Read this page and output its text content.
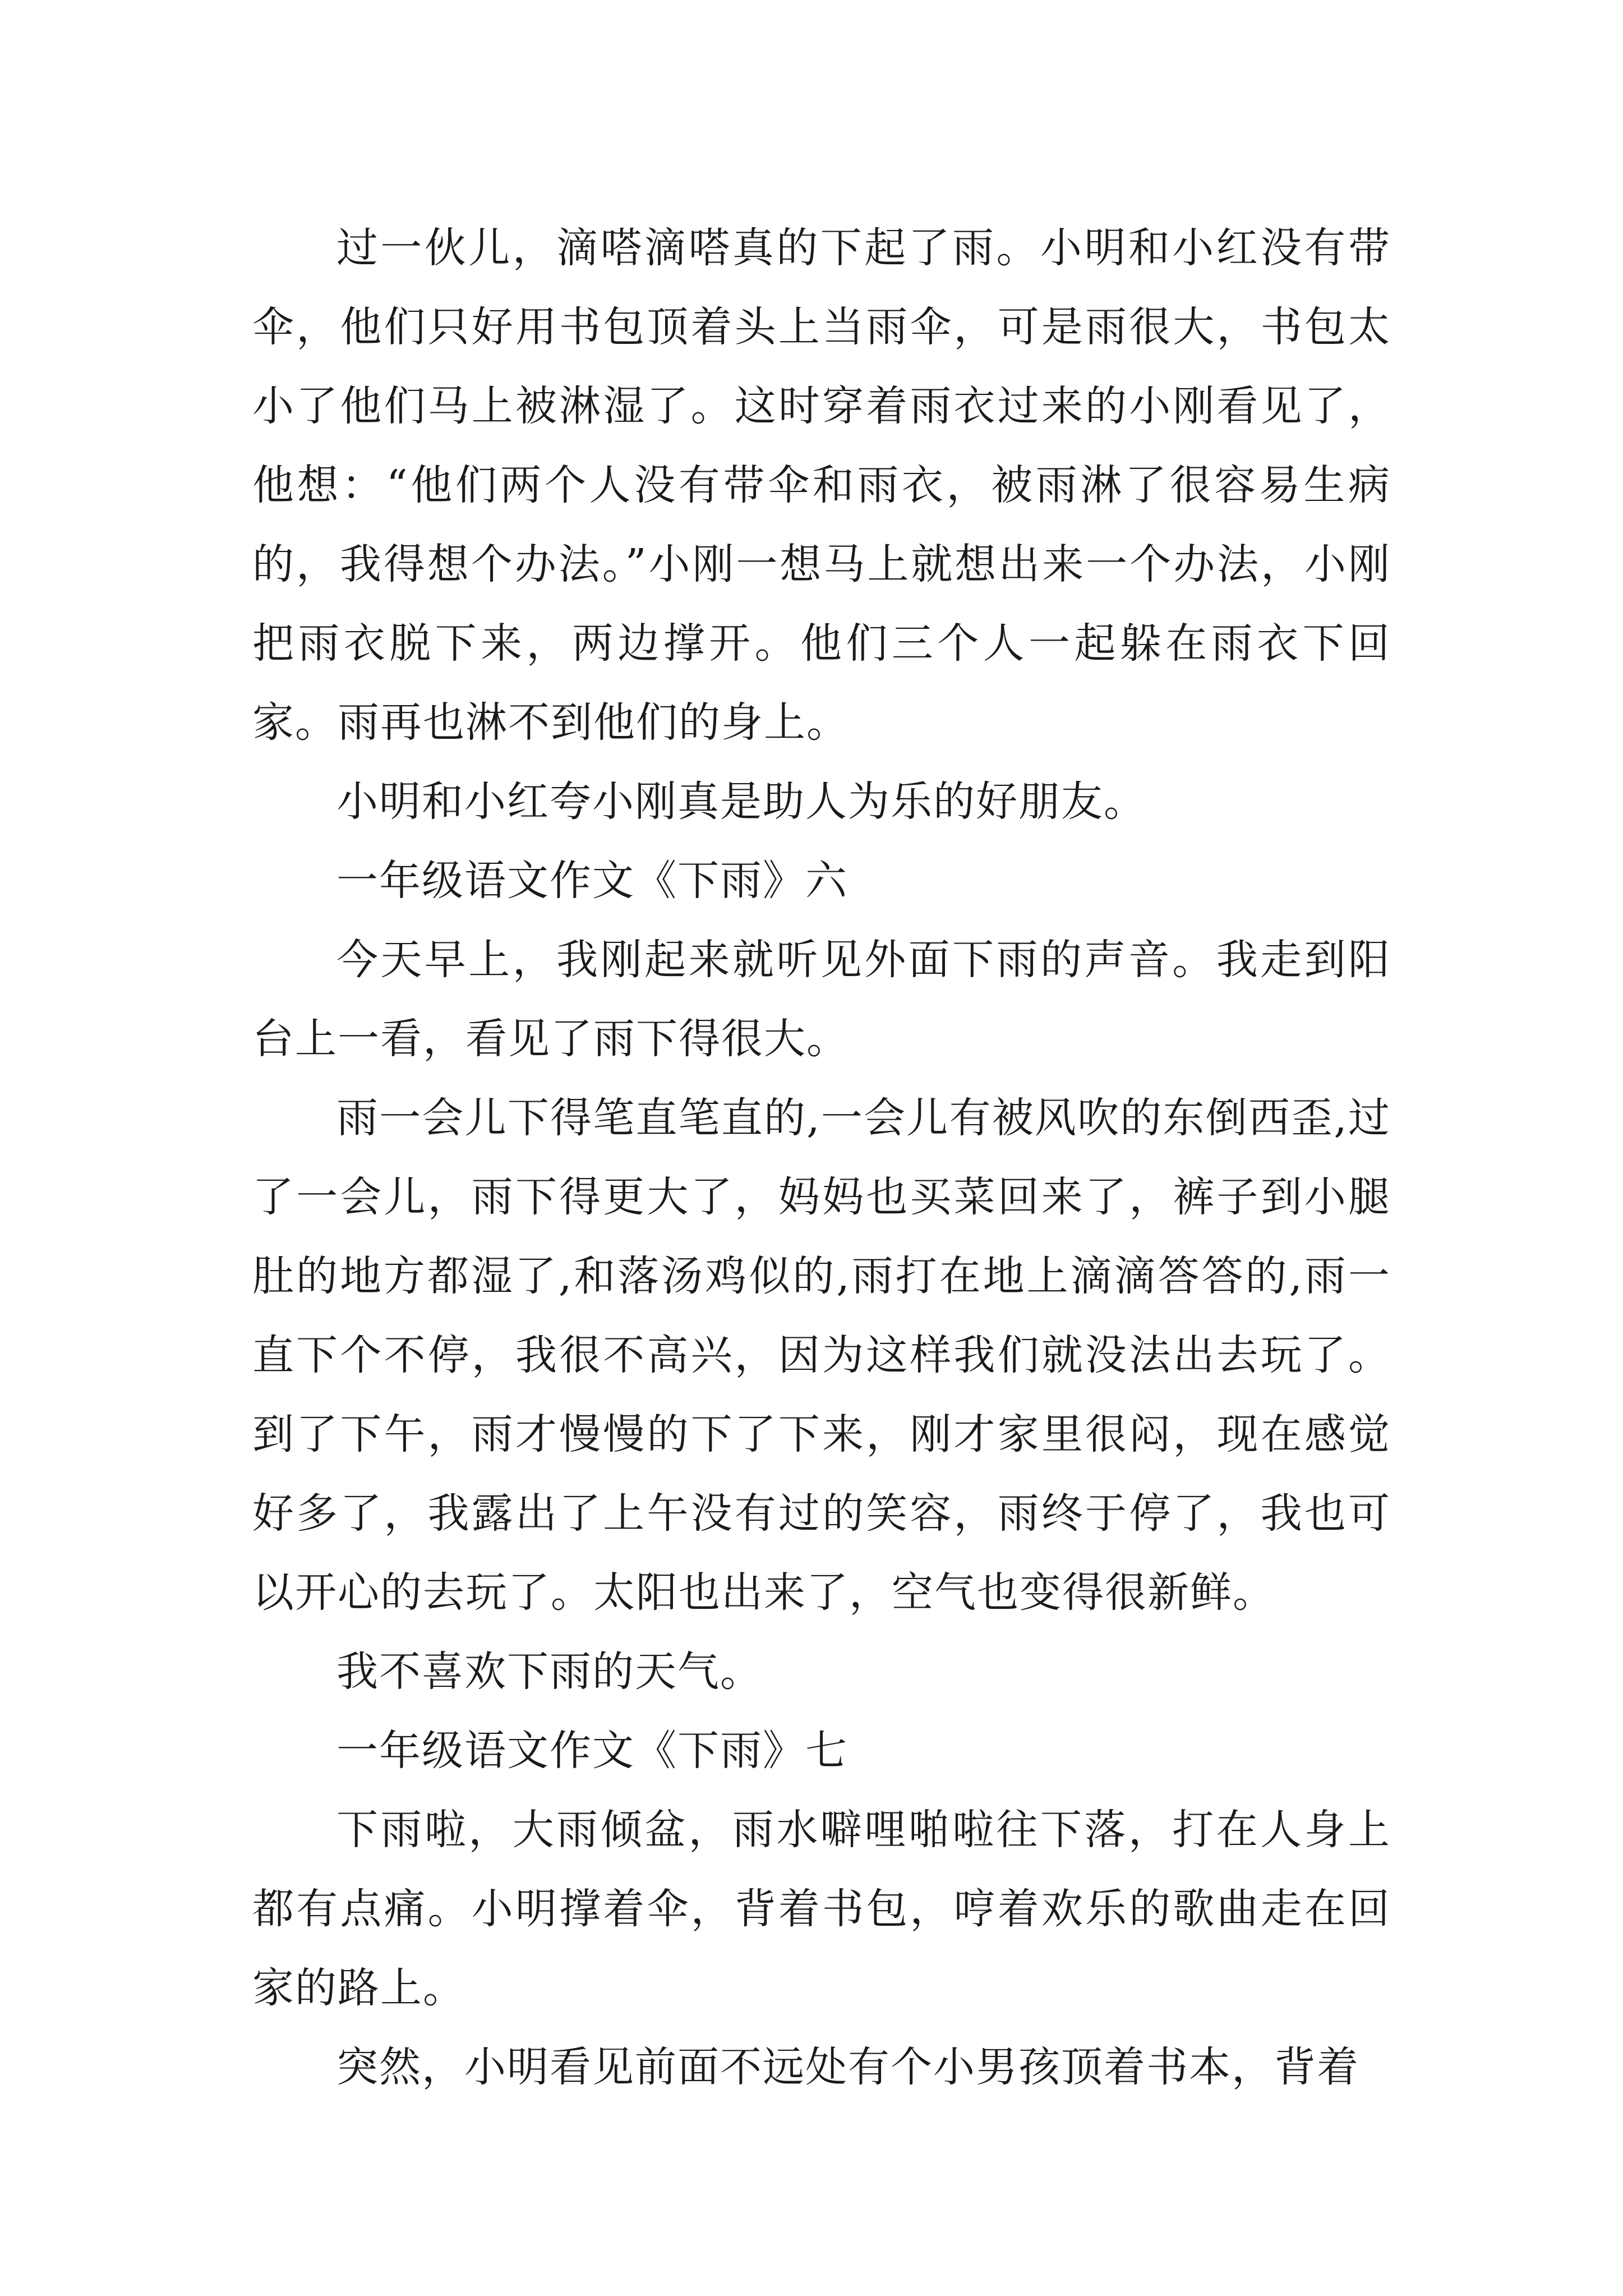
过一伙儿，滴嗒滴嗒真的下起了雨。小明和小红没有带伞，他们只好用书包顶着头上当雨伞，可是雨很大，书包太小了他们马上被淋湿了。这时穿着雨衣过来的小刚看见了，他想：“他们两个人没有带伞和雨衣，被雨淋了很容易生病的，我得想个办法。”小刚一想马上就想出来一个办法，小刚把雨衣脱下来，两边撑开。他们三个人一起躲在雨衣下回家。雨再也淋不到他们的身上。

小明和小红夸小刚真是助人为乐的好朋友。

一年级语文作文《下雨》六

今天早上，我刚起来就听见外面下雨的声音。我走到阳台上一看，看见了雨下得很大。

雨一会儿下得笔直笔直的,一会儿有被风吹的东倒西歪,过了一会儿，雨下得更大了，妈妈也买菜回来了，裤子到小腿肚的地方都湿了,和落汤鸡似的,雨打在地上滴滴答答的,雨一直下个不停，我很不高兴，因为这样我们就没法出去玩了。到了下午，雨才慢慢的下了下来，刚才家里很闷，现在感觉好多了，我露出了上午没有过的笑容，雨终于停了，我也可以开心的去玩了。太阳也出来了，空气也变得很新鲜。

我不喜欢下雨的天气。

一年级语文作文《下雨》七

下雨啦，大雨倾盆，雨水噼哩啪啦往下落，打在人身上都有点痛。小明撑着伞，背着书包，哼着欢乐的歌曲走在回家的路上。

突然，小明看见前面不远处有个小男孩顶着书本，背着
